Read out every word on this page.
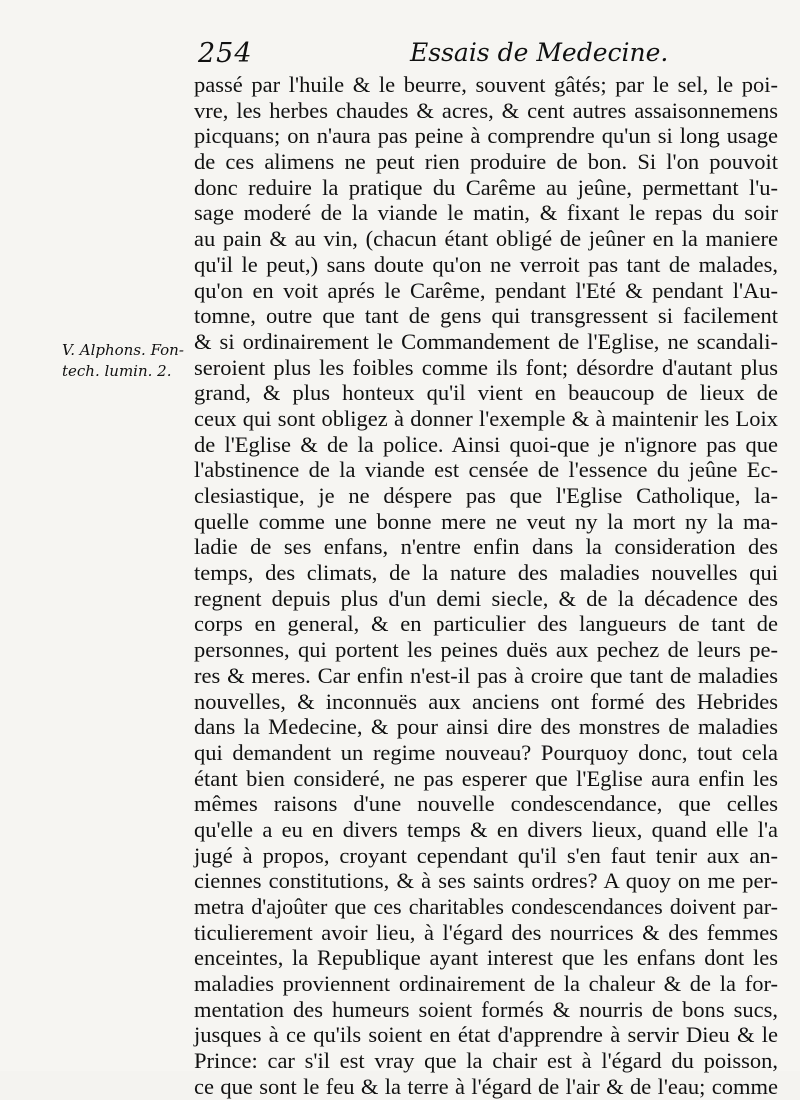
254	Essais de Medecine.
V. Alphons. Fon-
tech. lumin. 2.
passé par l'huile & le beurre, souvent gâtés; par le sel, le poi-
vre, les herbes chaudes & acres, & cent autres assaisonnemens
picquans; on n'aura pas peine à comprendre qu'un si long usage
de ces alimens ne peut rien produire de bon. Si l'on pouvoit
donc reduire la pratique du Carême au jeûne, permettant l'u-
sage moderé de la viande le matin, & fixant le repas du soir
au pain & au vin, (chacun étant obligé de jeûner en la maniere
qu'il le peut,) sans doute qu'on ne verroit pas tant de malades,
qu'on en voit aprés le Carême, pendant l'Eté & pendant l'Au-
tomne, outre que tant de gens qui transgressent si facilement
& si ordinairement le Commandement de l'Eglise, ne scandali-
seroient plus les foibles comme ils font; désordre d'autant plus
grand, & plus honteux qu'il vient en beaucoup de lieux de
ceux qui sont obligez à donner l'exemple & à maintenir les Loix
de l'Eglise & de la police. Ainsi quoi-que je n'ignore pas que
l'abstinence de la viande est censée de l'essence du jeûne Ec-
clesiastique, je ne déspere pas que l'Eglise Catholique, la-
quelle comme une bonne mere ne veut ny la mort ny la ma-
ladie de ses enfans, n'entre enfin dans la consideration des
temps, des climats, de la nature des maladies nouvelles qui
regnent depuis plus d'un demi siecle, & de la décadence des
corps en general, & en particulier des langueurs de tant de
personnes, qui portent les peines duës aux pechez de leurs pe-
res & meres. Car enfin n'est-il pas à croire que tant de maladies
nouvelles, & inconnuës aux anciens ont formé des Hebrides
dans la Medecine, & pour ainsi dire des monstres de maladies
qui demandent un regime nouveau? Pourquoy donc, tout cela
étant bien consideré, ne pas esperer que l'Eglise aura enfin les
mêmes raisons d'une nouvelle condescendance, que celles
qu'elle a eu en divers temps & en divers lieux, quand elle l'a
jugé à propos, croyant cependant qu'il s'en faut tenir aux an-
ciennes constitutions, & à ses saints ordres? A quoy on me per-
metra d'ajoûter que ces charitables condescendances doivent par-
ticulierement avoir lieu, à l'égard des nourrices & des femmes
enceintes, la Republique ayant interest que les enfans dont les
maladies proviennent ordinairement de la chaleur & de la for-
mentation des humeurs soient formés & nourris de bons sucs,
jusques à ce qu'ils soient en état d'apprendre à servir Dieu & le
Prince: car s'il est vray que la chair est à l'égard du poisson,
ce que sont le feu & la terre à l'égard de l'air & de l'eau; comme
